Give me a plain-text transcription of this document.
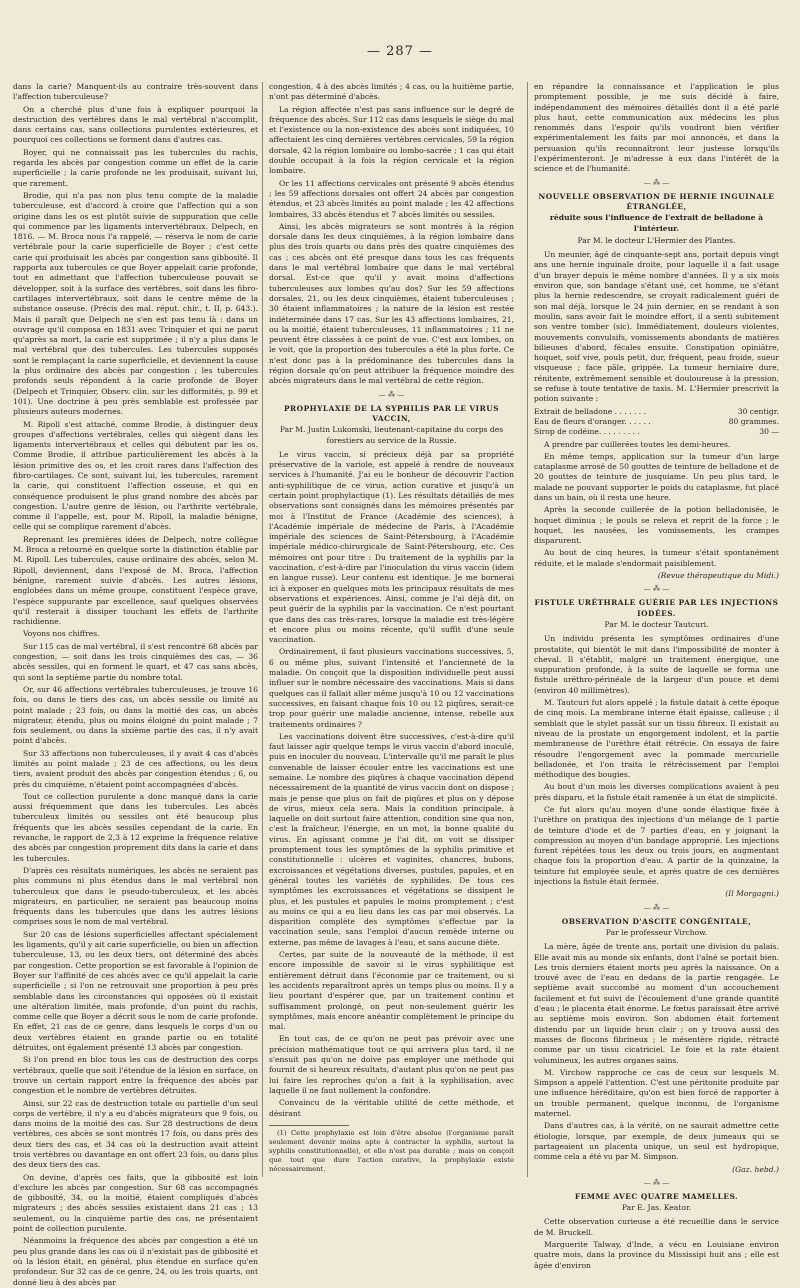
— 287 —

dans la carie? Manquent-ils au contraire très-souvent dans l'affection tuberculeuse?

On a cherché plus d'une fois à expliquer pourquoi la destruction des vertèbres dans le mal vertébral n'accomplit, dans certains cas, sans collections purulentes extérieures, et pourquoi ces collections se forment dans d'autres cas.

Boyer, qui ne connaissait pas les tubercules du rachis, regarda les abcès par congestion comme un effet de la carie superficielle ; la carie profonde ne les produisait, suivant lui, que rarement.

Brodie, qui n'a pas non plus tenu compte de la maladie tuberculeuse, est d'accord à croire que l'affection qui a son origine dans les os est plutôt suivie de suppuration que celle qui commence par les ligaments intervertébraux. Delpech, en 1816. — M. Broca nous l'a rappelé, — réserva le nom de carie vertébrale pour la carie superficielle de Boyer ; c'est cette carie qui produisait les abcès par congestion sans gibbosité. Il rapporta aux tubercules ce que Boyer appelait carie profonde, tout en admettant que l'affection tuberculeuse pouvait se développer, soit à la surface des vertèbres, soit dans les fibro-cartilages intervertébraux, soit dans le centre même de la substance osseuse. (Précis des mal. réput. chir., t. II, p. 643.). Mais il paraît que Delpech ne s'en est pas tenu là : dans un ouvrage qu'il composa en 1831 avec Trinquier et qui ne parut qu'après sa mort, la carie est supprimée ; il n'y a plus dans le mal vertébral que des tubercules. Les tubercules supposés sont le remplaçant la carie superficielle, et deviennent la cause la plus ordinaire des abcès par congestion ; les tubercules profonds seuls répondent à la carie profonde de Boyer (Delpech et Trinquier, Observ. clin. sur les difformités, p. 99 et 101). Une doctrine à peu près semblable est professée par plusieurs auteurs modernes.

M. Ripoll s'est attaché, comme Brodie, à distinguer deux groupes d'affections vertébrales, celles qui siègent dans les ligaments intervertébraux et celles qui débutent par les os. Comme Brodie, il attribue particulièrement les abcès à la lésion primitive des os, et les croit rares dans l'affection des fibro-cartilages. Ce sont, suivant lui, les tubercules, rarement la carie, qui constituent l'affection osseuse, et qui en conséquence produisent le plus grand nombre des abcès par congestion. L'autre genre de lésion, ou l'arthrite vertébrale, comme il l'appelle, est, pour M. Ripoll, la maladie bénigne, celle qui se complique rarement d'abcès.

Reprenant les premières idées de Delpech, notre collègue M. Broca a retourné en quelque sorte la distinction établie par M. Ripoll. Les tubercules, cause ordinaire des abcès, selon M. Ripoll, deviennent, dans l'exposé de M. Broca, l'affection bénigne, rarement suivie d'abcès. Les autres lésions, englobées dans un même groupe, constituent l'espèce grave, l'espèce suppurante par excellence, sauf quelques observées qu'il resterait à dissiper touchant les effets de l'arthrite rachidienne.

Voyons nos chiffres.

Sur 115 cas de mal vertébral, il s'est rencontré 68 abcès par congestion, — soit dans les trois cinquièmes des cas, — 36 abcès sessiles, qui en forment le quart, et 47 cas sans abcès, qui sont la septième partie du nombre total.

Or, sur 46 affections vertébrales tuberculeuses, je trouve 16 fois, ou dans le tiers des cas, un abcès sessile ou limité au point malade ; 23 fois, ou dans la moitié des cas, un abcès migrateur, étendu, plus ou moins éloigné du point malade ; 7 fois seulement, ou dans la sixième partie des cas, il n'y avait point d'abcès.

Sur 33 affections non tuberculeuses, il y avait 4 cas d'abcès limités au point malade ; 23 de ces affections, ou les deux tiers, avaient produit des abcès par congestion étendus ; 6, ou près du cinquième, n'étaient point accompagnées d'abcès.

Tout ce collection purulente a donc manqué dans la carie aussi fréquemment que dans les tubercules. Les abcès tuberculeux limités ou sessiles ont été beaucoup plus fréquents que les abcès sessiles cependant de la carie. En revanche, le rapport de 2,3 à 12 exprime la fréquence relative des abcès par congestion proprement dits dans la carie et dans les tubercules.

D'après ces résultats numériques, les abcès ne seraient pas plus communs ni plus étendus dans le mal vertébral non tuberculeux que dans le pseudo-tuberculeux, et les abcès migrateurs, en particulier, ne seraient pas beaucoup moins fréquents dans les tubercules que dans les autres lésions comprises sous le nom de mal vertébral.

Sur 20 cas de lésions superficielles affectant spécialement les ligaments, qu'il y ait carie superficielle, ou bien un affection tuberculeuse, 13, ou les deux tiers, ont déterminé des abcès par congestion. Cette proportion se est favorable à l'opinion de Boyer sur l'affinité de ces abcès avec ce qu'il appelait la carie superficielle ; si l'on ne retrouvait une proportion à peu près semblable dans les circonstances qui opposées où il existait une altération limitée, mais profonde, d'un point du rachis, comme celle que Boyer a décrit sous le nom de carie profonde. En effet, 21 cas de ce genre, dans lesquels le corps d'un ou deux vertèbres étaient en grande partie ou en totalité détruites, ont également présenté 13 abcès par congestion.

Si l'on prend en bloc tous les cas de destruction des corps vertébraux, quelle que soit l'étendue de la lésion en surface, on trouve un certain rapport entre la fréquence des abcès par congestion et le nombre de vertèbres détruites.

Ainsi, sur 22 cas de destruction totale ou partielle d'un seul corps de vertèbre, il n'y a eu d'abcès migrateurs que 9 fois, ou dans moins de la moitié des cas. Sur 28 destructions de deux vertèbres, ces abcès se sont montrés 17 fois, ou dans près des deux tiers des cas, et 34 cas où la destruction avait atteint trois vertèbres ou davantage en ont offert 23 fois, ou dans plus des deux tiers des cas.

On devine, d'après ces faits, que la gibbosité est loin d'exclure les abcès par congestion. Sur 68 cas accompagnés de gibbosité, 34, ou la moitié, étaient compliqués d'abcès migrateurs ; des abcès sessiles existaient dans 21 cas ; 13 seulement, ou la cinquième partie des cas, ne présentaient point de collection purulente.

Néanmoins la fréquence des abcès par congestion a été un peu plus grande dans les cas où il n'existait pas de gibbosité et où la lésion était, en général, plus étendue en surface qu'en profondeur. Sur 32 cas de ce genre, 24, ou les trois quarts, ont donné lieu à des abcès par

congestion, 4 à des abcès limités ; 4 cas, ou la huitième partie, n'ont pas déterminé d'abcès.

La région affectée n'est pas sans influence sur le degré de fréquence des abcès. Sur 112 cas dans lesquels le siège du mal et l'existence ou la non-existence des abcès sont indiquées, 10 affectaient les cinq dernières vertèbres cervicales, 59 la région dorsale, 42 la région lombaire ou lombo-sacrée ; 1 cas qui était double occupait à la fois la région cervicale et la région lombaire.

Or les 11 affections cervicales ont présenté 9 abcès étendus ; les 59 affections dorsales ont offert 24 abcès par congestion étendus, et 23 abcès limités au point malade ; les 42 affections lombaires, 33 abcès étendus et 7 abcès limités ou sessiles.

Ainsi, les abcès migrateurs se sont montrés à la région dorsale dans les deux cinquièmes, à la région lombaire dans plus des trois quarts ou dans près des quatre cinquièmes des cas ; ces abcès ont été presque dans tous les cas fréquents dans le mal vertébral lombaire que dans le mal vertébral dorsal. Est-ce que qu'il y avait moins d'affections tuberculeuses aux lombes qu'au dos? Sur les 59 affections dorsales, 21, ou les deux cinquièmes, étaient tuberculeuses ; 30 étaient inflammatoires ; la nature de la lésion est restée indéterminée dans 17 cas. Sur les 43 affections lombaires, 21, ou la moitié, étaient tuberculeuses, 11 inflammatoires ; 11 ne peuvent être classées à ce point de vue. C'est aux lombes, on le voit, que la proportion des tubercules a été la plus forte. Ce n'est donc pas à la prédominance des tubercules dans la région dorsale qu'on peut attribuer la fréquence moindre des abcès migrateurs dans le mal vertébral de cette région.

— ⁂ —
PROPHYLAXIE DE LA SYPHILIS PAR LE VIRUS VACCIN,
Par M. Justin Lukomski, lieutenant-capitaine du corps des forestiers au service de la Russie.

Le virus vaccin, si précieux déjà par sa propriété préservative de la variole, est appelé à rendre de nouveaux services à l'humanité. J'ai eu le bonheur de découvrir l'action anti-syphilitique de ce virus, action curative et jusqu'à un certain point prophylactique (1). Les résultats détaillés de mes observations sont consignés dans les mémoires présentés par moi à l'Institut de France (Académie des sciences), à l'Académie impériale de médecine de Paris, à l'Académie impériale des sciences de Saint-Pétersbourg, à l'Académie impériale médico-chirurgicale de Saint-Pétersbourg, etc. Ces mémoires ont pour titre : Du traitement de la syphilis par la vaccination, c'est-à-dire par l'inoculation du virus vaccin (idem en langue russe). Leur contenu est identique. Je me bornerai ici à exposer en quelques mots les principaux résultats de mes observations et expériences. Ainsi, comme je l'ai déjà dit, on peut guérir de la syphilis par la vaccination. Ce n'est pourtant que dans des cas très-rares, lorsque la maladie est très-légère et encore plus ou moins récente, qu'il suffit d'une seule vaccination.

Ordinairement, il faut plusieurs vaccinations successives, 5, 6 ou même plus, suivant l'intensité et l'ancienneté de la maladie. On conçoit que la disposition individuelle peut aussi influer sur le nombre nécessaire des vaccinations. Mais si dans quelques cas il fallait aller même jusqu'à 10 ou 12 vaccinations successives, en faisant chaque fois 10 ou 12 piqûres, serait-ce trop pour guérir une maladie ancienne, intense, rebelle aux traitements ordinaires ?

Les vaccinations doivent être successives, c'est-à-dire qu'il faut laisser agir quelque temps le virus vaccin d'abord inoculé, puis en inoculer du nouveau. L'intervalle qu'il me paraît le plus convenable de laisser écouler entre les vaccinations est une semaine. Le nombre des piqûres à chaque vaccination dépend nécessairement de la quantité de virus vaccin dont on dispose ; mais je pense que plus on fait de piqûres et plus on y dépose de virus, mieux cela sera. Mais la condition principale, à laquelle on doit surtout faire attention, condition sine qua non, c'est la fraîcheur, l'énergie, en un mot, la bonne qualité du virus. En agissant comme je l'ai dit, on voit se dissiper promptement tous les symptômes de la syphilis primitive et constitutionnelle : ulcères et vaginites, chancres, bubons, excroissances et végétations diverses, pustules, papules, et en général toutes les variétés de syphilides. De tous ces symptômes les excroissances et végétations se dissipent le plus, et les pustules et papules le moins promptement ; c'est au moins ce qui a eu lieu dans les cas par moi observés. La disparition complète des symptômes s'effectue par la vaccination seule, sans l'emploi d'aucun remède interne ou externe, pas même de lavages à l'eau, et sans aucune diète.

Certes, par suite de la nouveauté de la méthode, il est encore impossible de savoir si le virus syphilitique est entièrement détruit dans l'économie par ce traitement, ou si les accidents reparaîtront après un temps plus ou moins. Il y a lieu pourtant d'espérer que, par un traitement continu et suffisamment prolongé, on peut non-seulement guérir les symptômes, mais encore anéantir complètement le principe du mal.

En tout cas, de ce qu'on ne peut pas prévoir avec une précision mathématique tout ce qui arrivera plus tard, il ne s'ensuit pas qu'on ne doive pas employer une méthode qui fournit de si heureux résultats, d'autant plus qu'on ne peut pas lui faire les reproches qu'on a fait à la syphilisation, avec laquelle il ne faut nullement la confondre.

Convaincu de la véritable utilité de cette méthode, et désirant

(1) Cette prophylaxie est loin d'être absolue (l'organisme paraît seulement devenir moins apte à contracter la syphilis, surtout la syphilis constitutionnelle), et elle n'est pas durable ; mais on conçoit que tout que dure l'action curative, la prophylaxie existe nécessairement.

en répandre la connaissance et l'application le plus promptement possible, je me suis décidé à faire, indépendamment des mémoires détaillés dont il a été parlé plus haut, cette communication aux médecins les plus renommés dans l'espoir qu'ils voudront bien vérifier expérimentalement les faits par moi annoncés, et dans la persuasion qu'ils reconnaîtront leur justesse lorsqu'ils l'expérimenteront. Je m'adresse à eux dans l'intérêt de la science et de l'humanité.

— ⁂ —
NOUVELLE OBSERVATION DE HERNIE INGUINALE ÉTRANGLÉE,
réduite sous l'influence de l'extrait de belladone à l'intérieur.
Par M. le docteur L'Hermier des Plantes.

Un meunier, âgé de cinquante-sept ans, portait depuis vingt ans une hernie inguinale droite, pour laquelle il a fait usage d'un brayer depuis le même nombre d'années. Il y a six mois environ que, son bandage s'étant usé, cet homme, ne s'étant plus la hernie redescendre, se croyait radicalement guéri de son mal déjà, lorsque le 24 juin dernier, en se rendant à son moulin, sans avoir fait le moindre effort, il a senti subitement son ventre tomber (sic). Immédiatement, douleurs violentes, mouvements convulsifs, vomissements abondants de matières bilieuses d'abord, fécales ensuite. Constipation opiniâtre, hoquet, soif vive, pouls petit, dur, fréquent, peau froide, sueur visqueuse ; face pâle, grippée. La tumeur herniaire dure, rénitente, extrêmement sensible et douloureuse à la pression, se refuse à toute tentative de taxis. M. L'Hermier prescrivit la potion suivante :

Extrait de belladone . . . . . . .	30 centigr.
Eau de fleurs d'oranger. . . . . .	80 grammes.
Sirop de codéine. . . . . . . . .	30 —

A prendre par cuillerées toutes les demi-heures.

En même temps, application sur la tumeur d'un large cataplasme arrosé de 50 gouttes de teinture de belladone et de 20 gouttes de teinture de jusquiame. Un peu plus tard, le malade ne pouvant supporter le poids du cataplasme, fut placé dans un bain, où il resta une heure.

Après la seconde cuillerée de la potion belladonisée, le hoquet diminua ; le pouls se releva et reprit de la force ; le hoquet, les nausées, les vomissements, les crampes disparurent.

Au bout de cinq heures, la tumeur s'était spontanément réduite, et le malade s'endormait paisiblement.

(Revue thérapeutique du Midi.)
— ⁂ —
FISTULE URÉTHRALE GUÉRIE PAR LES INJECTIONS IODÉES.
Par M. le docteur Tautcuri.

Un individu présenta les symptômes ordinaires d'une prostatite, qui bientôt le mit dans l'impossibilité de monter à cheval. Il s'établit, malgré un traitement énergique, une suppuration profonde, à la suite de laquelle se forma une fistule uréthro-périnéale de la largeur d'un pouce et demi (environ 40 millimètres).

M. Tautcuri fut alors appelé ; la fistule datait à cette époque de cinq mois. La membrane interne était épaisse, calleuse ; il semblait que le stylet passât sur un tissu fibreux. Il existait au niveau de la prostate un engorgement indolent, et la partie membraneuse de l'urèthre était rétrécie. On essaya de faire résoudre l'engorgement avec la pommade mercurielle belladonée, et l'on traita le rétrécissement par l'emploi méthodique des bougies.

Au bout d'un mois les diverses complications avaient à peu près disparu, et la fistule était ramenée à un état de simplicité.

Ce fut alors qu'au moyen d'une sonde élastique fixée à l'urèthre on pratiqua des injections d'un mélange de 1 partie de teinture d'iode et de 7 parties d'eau, en y joignant la compression au moyen d'un bandage approprié. Les injections furent répétées tous les deux ou trois jours, en augmentant chaque fois la proportion d'eau. A partir de la quinzaine, la teinture fut employée seule, et après quatre de ces dernières injections la fistule était fermée.

(Il Morgagni.)
— ⁂ —
OBSERVATION D'ASCITE CONGÉNITALE,
Par le professeur Virchow.

La mère, âgée de trente ans, portait une division du palais. Elle avait mis au monde six enfants, dont l'aîné se portait bien. Les trois derniers étaient morts peu après la naissance. On a trouvé avec de l'eau en dedans de la partie rengagée. Le septième avait succombé au moment d'un accouchement facilement et fut suivi de l'écoulement d'une grande quantité d'eau ; le placenta était énorme. Le fœtus paraissait être arrivé au septième mois environ. Son abdomen était fortement distendu par un liquide brun clair ; on y trouva aussi des masses de flocons fibrineux ; le mésentère rigide, rétracté comme par un tissu cicatriciel. Le foie et la rate étaient volumineux, les autres organes sains.

M. Virchow rapproche ce cas de ceux sur lesquels M. Simpson a appelé l'attention. C'est une péritonite produite par une influence héréditaire, qu'on est bien forcé de rapporter à un trouble permanent, quelque inconnu, de l'organisme maternel.

Dans d'autres cas, à la vérité, on ne saurait admettre cette étiologie, lorsque, par exemple, de deux jumeaux qui se partageaient un placenta unique, un seul est hydropique, comme cela a été vu par M. Simpson.

(Gaz. hebd.)
— ⁂ —
FEMME AVEC QUATRE MAMELLES.
Par E. Jas. Keator.

Cette observation curieuse a été recueillie dans le service de M. Bruckell.

Marguerite Talway, d'Inde, a vécu en Louisiane environ quatre mois, dans la province du Mississipi huit ans ; elle est âgée d'environ
